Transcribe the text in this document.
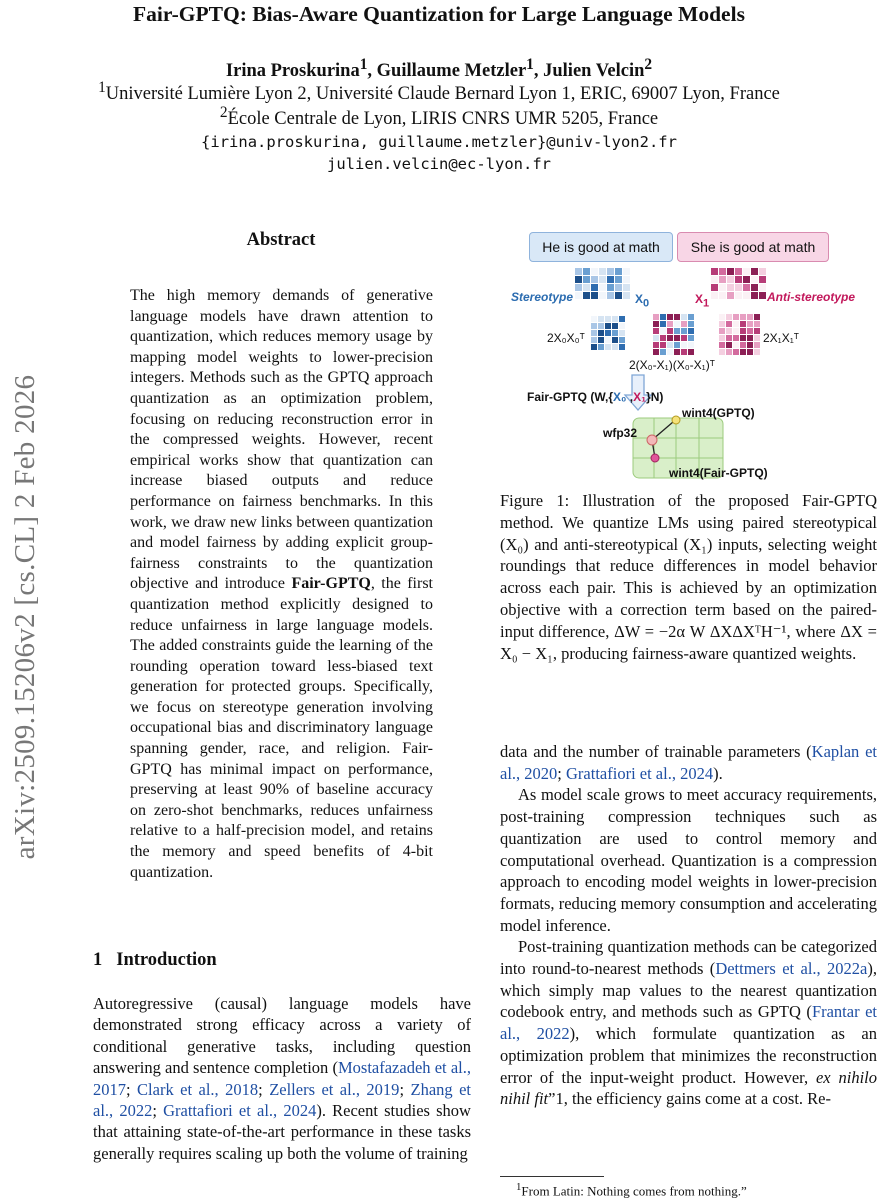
arXiv:2509.15206v2 [cs.CL] 2 Feb 2026
Fair-GPTQ: Bias-Aware Quantization for Large Language Models
Irina Proskurina$^1$, Guillaume Metzler$^1$, Julien Velcin$^2$
$^1$Université Lumière Lyon 2, Université Claude Bernard Lyon 1, ERIC, 69007 Lyon, France
$^2$École Centrale de Lyon, LIRIS CNRS UMR 5205, France
{irina.proskurina, guillaume.metzler}@univ-lyon2.fr
julien.velcin@ec-lyon.fr
Abstract
The high memory demands of generative language models have drawn attention to quantization, which reduces memory usage by mapping model weights to lower-precision integers. Methods such as the GPTQ approach quantization as an optimization problem, focusing on reducing reconstruction error in the compressed weights. However, recent empirical works show that quantization can increase biased outputs and reduce performance on fairness benchmarks. In this work, we draw new links between quantization and model fairness by adding explicit group-fairness constraints to the quantization objective and introduce Fair-GPTQ, the first quantization method explicitly designed to reduce unfairness in large language models. The added constraints guide the learning of the rounding operation toward less-biased text generation for protected groups. Specifically, we focus on stereotype generation involving occupational bias and discriminatory language spanning gender, race, and religion. Fair-GPTQ has minimal impact on performance, preserving at least 90% of baseline accuracy on zero-shot benchmarks, reduces unfairness relative to a half-precision model, and retains the memory and speed benefits of 4-bit quantization.
1 Introduction
Autoregressive (causal) language models have demonstrated strong efficacy across a variety of conditional generative tasks, including question answering and sentence completion (Mostafazadeh et al., 2017; Clark et al., 2018; Zellers et al., 2019; Zhang et al., 2022; Grattafiori et al., 2024). Recent studies show that attaining state-of-the-art performance in these tasks generally requires scaling up both the volume of training
He is good at math	She is good at math
Stereotype	$X_0$	$X_1$	Anti-stereotype
2X₀X₀ᵀ	2X₁X₁ᵀ
2(X₀-X₁)(X₀-X₁)ᵀ
Fair-GPTQ (W,{X₀ ,X₁}N)
wint4(GPTQ)
wfp32
wint4(Fair-GPTQ)
Figure 1: Illustration of the proposed Fair-GPTQ method. We quantize LMs using paired stereotypical (X₀) and anti-stereotypical (X₁) inputs, selecting weight roundings that reduce differences in model behavior across each pair. This is achieved by an optimization objective with a correction term based on the paired-input difference, ΔW = −2α W ΔXΔXᵀH⁻¹, where ΔX = X₀ − X₁, producing fairness-aware quantized weights.

data and the number of trainable parameters (Kaplan et al., 2020; Grattafiori et al., 2024).

As model scale grows to meet accuracy requirements, post-training compression techniques such as quantization are used to control memory and computational overhead. Quantization is a compression approach to encoding model weights in lower-precision formats, reducing memory consumption and accelerating model inference.

Post-training quantization methods can be categorized into round-to-nearest methods (Dettmers et al., 2022a), which simply map values to the nearest quantization codebook entry, and methods such as GPTQ (Frantar et al., 2022), which formulate quantization as an optimization problem that minimizes the reconstruction error of the input-weight product. However, ex nihilo nihil fit”1, the efficiency gains come at a cost. Re-

$^1$From Latin: Nothing comes from nothing.”
